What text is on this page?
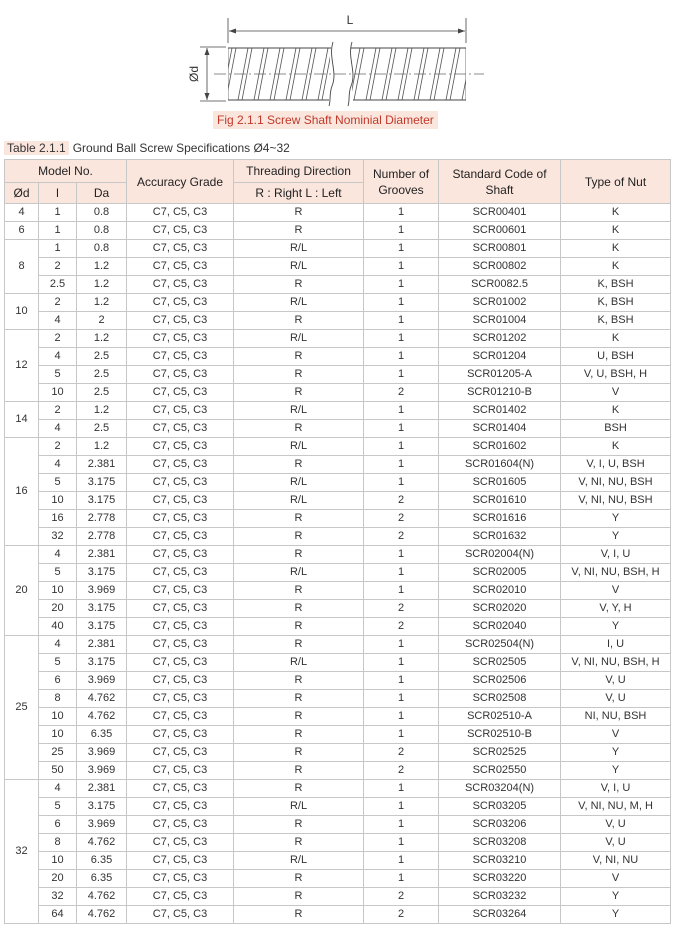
L
Ød
Fig 2.1.1 Screw Shaft Nominial Diameter
Table 2.1.1 Ground Ball Screw Specifications Ø4~32
Model No.			Accuracy Grade	Threading Direction	Number of
Grooves	Standard Code of
Shaft	Type of Nut
Ød	l	Da		R : Right L : Left			
4	1	0.8	C7, C5, C3	R	1	SCR00401	K
6	1	0.8	C7, C5, C3	R	1	SCR00601	K
8	1	0.8	C7, C5, C3	R/L	1	SCR00801	K
	2	1.2	C7, C5, C3	R/L	1	SCR00802	K
	2.5	1.2	C7, C5, C3	R	1	SCR0082.5	K, BSH
10	2	1.2	C7, C5, C3	R/L	1	SCR01002	K, BSH
	4	2	C7, C5, C3	R	1	SCR01004	K, BSH
12	2	1.2	C7, C5, C3	R/L	1	SCR01202	K
	4	2.5	C7, C5, C3	R	1	SCR01204	U, BSH
	5	2.5	C7, C5, C3	R	1	SCR01205-A	V, U, BSH, H
	10	2.5	C7, C5, C3	R	2	SCR01210-B	V
14	2	1.2	C7, C5, C3	R/L	1	SCR01402	K
	4	2.5	C7, C5, C3	R	1	SCR01404	BSH
16	2	1.2	C7, C5, C3	R/L	1	SCR01602	K
	4	2.381	C7, C5, C3	R	1	SCR01604(N)	V, I, U, BSH
	5	3.175	C7, C5, C3	R/L	1	SCR01605	V, NI, NU, BSH
	10	3.175	C7, C5, C3	R/L	2	SCR01610	V, NI, NU, BSH
	16	2.778	C7, C5, C3	R	2	SCR01616	Y
	32	2.778	C7, C5, C3	R	2	SCR01632	Y
20	4	2.381	C7, C5, C3	R	1	SCR02004(N)	V, I, U
	5	3.175	C7, C5, C3	R/L	1	SCR02005	V, NI, NU, BSH, H
	10	3.969	C7, C5, C3	R	1	SCR02010	V
	20	3.175	C7, C5, C3	R	2	SCR02020	V, Y, H
	40	3.175	C7, C5, C3	R	2	SCR02040	Y
25	4	2.381	C7, C5, C3	R	1	SCR02504(N)	I, U
	5	3.175	C7, C5, C3	R/L	1	SCR02505	V, NI, NU, BSH, H
	6	3.969	C7, C5, C3	R	1	SCR02506	V, U
	8	4.762	C7, C5, C3	R	1	SCR02508	V, U
	10	4.762	C7, C5, C3	R	1	SCR02510-A	NI, NU, BSH
	10	6.35	C7, C5, C3	R	1	SCR02510-B	V
	25	3.969	C7, C5, C3	R	2	SCR02525	Y
	50	3.969	C7, C5, C3	R	2	SCR02550	Y
32	4	2.381	C7, C5, C3	R	1	SCR03204(N)	V, I, U
	5	3.175	C7, C5, C3	R/L	1	SCR03205	V, NI, NU, M, H
	6	3.969	C7, C5, C3	R	1	SCR03206	V, U
	8	4.762	C7, C5, C3	R	1	SCR03208	V, U
	10	6.35	C7, C5, C3	R/L	1	SCR03210	V, NI, NU
	20	6.35	C7, C5, C3	R	1	SCR03220	V
	32	4.762	C7, C5, C3	R	2	SCR03232	Y
	64	4.762	C7, C5, C3	R	2	SCR03264	Y
